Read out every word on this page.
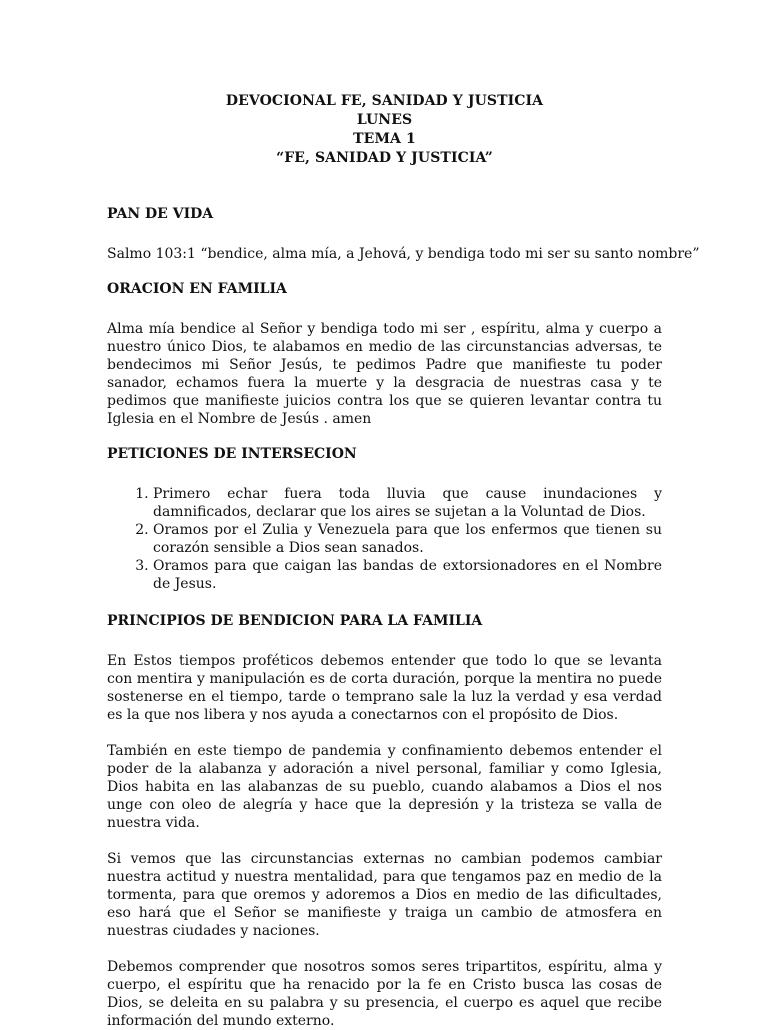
DEVOCIONAL FE, SANIDAD Y JUSTICIA
LUNES
TEMA 1
“FE, SANIDAD Y JUSTICIA”
PAN DE VIDA

Salmo 103:1 “bendice, alma mía, a Jehová, y bendiga todo mi ser su santo nombre”

ORACION EN FAMILIA

Alma mía bendice al Señor y bendiga todo mi ser , espíritu, alma y cuerpo a nuestro único Dios, te alabamos en medio de las circunstancias adversas, te bendecimos mi Señor Jesús, te pedimos Padre que manifieste tu poder sanador, echamos fuera la muerte y la desgracia de nuestras casa y te pedimos que manifieste juicios contra los que se quieren levantar contra tu Iglesia en el Nombre de Jesús . amen

PETICIONES DE INTERSECION
1. Primero echar fuera toda lluvia que cause inundaciones y damnificados, declarar que los aires se sujetan a la Voluntad de Dios.
2. Oramos por el Zulia y Venezuela para que los enfermos que tienen su corazón sensible a Dios sean sanados.
3. Oramos para que caigan las bandas de extorsionadores en el Nombre de Jesus.
PRINCIPIOS DE BENDICION PARA LA FAMILIA

En Estos tiempos proféticos debemos entender que todo lo que se levanta con mentira y manipulación es de corta duración, porque la mentira no puede sostenerse en el tiempo, tarde o temprano sale la luz la verdad y esa verdad es la que nos libera y nos ayuda a conectarnos con el propósito de Dios.

También en este tiempo de pandemia y confinamiento debemos entender el poder de la alabanza y adoración a nivel personal, familiar y como Iglesia, Dios habita en las alabanzas de su pueblo, cuando alabamos a Dios el nos unge con oleo de alegría y hace que la depresión y la tristeza se valla de nuestra vida.

Si vemos que las circunstancias externas no cambian podemos cambiar nuestra actitud y nuestra mentalidad, para que tengamos paz en medio de la tormenta, para que oremos y adoremos a Dios en medio de las dificultades, eso hará que el Señor se manifieste y traiga un cambio de atmosfera en nuestras ciudades y naciones.

Debemos comprender que nosotros somos seres tripartitos, espíritu, alma y cuerpo, el espíritu que ha renacido por la fe en Cristo busca las cosas de Dios, se deleita en su palabra y su presencia, el cuerpo es aquel que recibe información del mundo externo.
